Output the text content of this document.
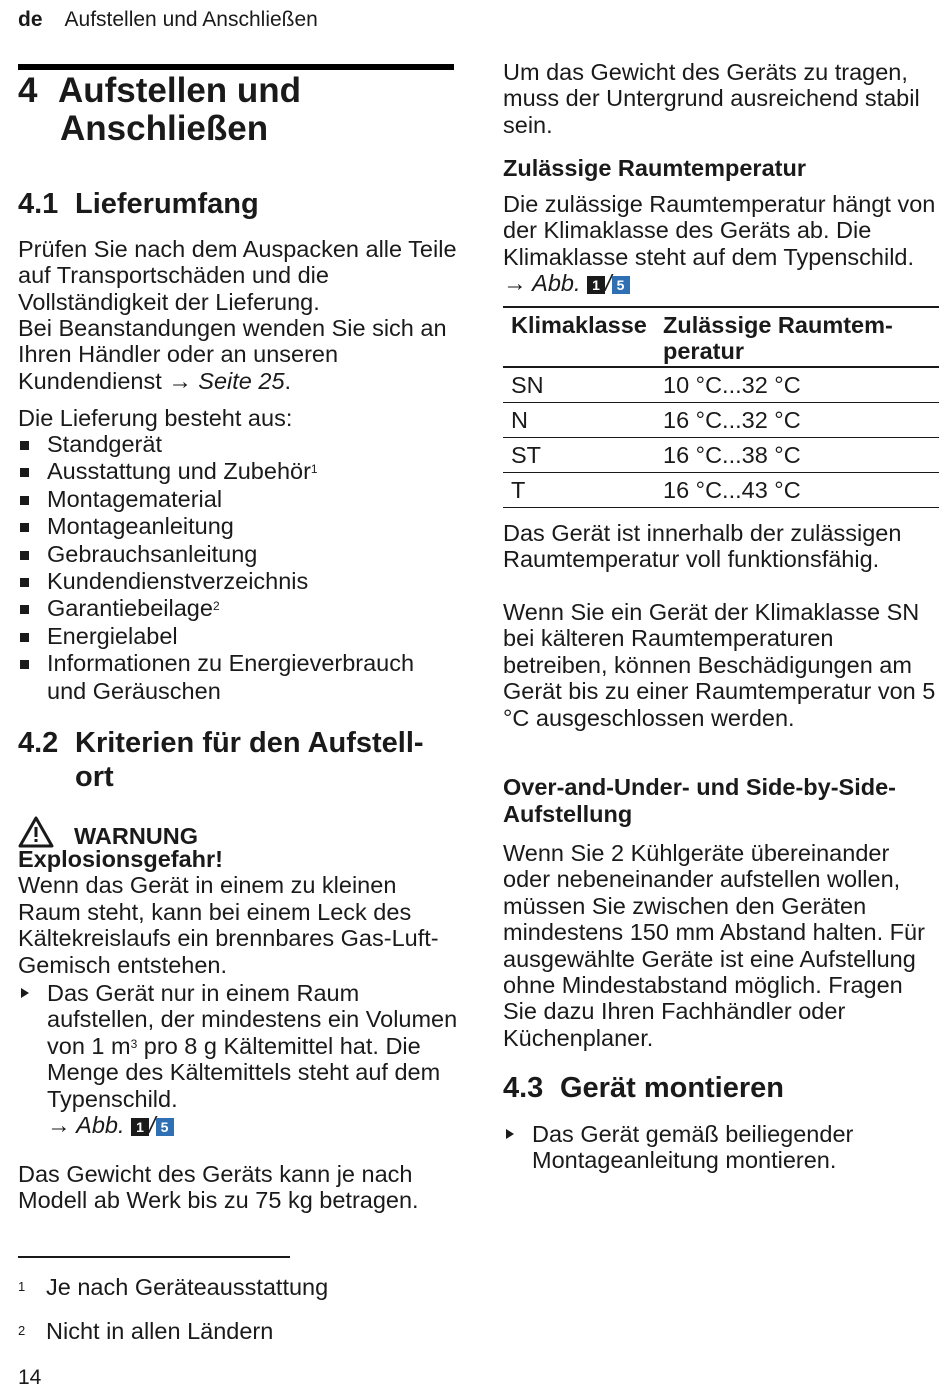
de Aufstellen und Anschließen
4 Aufstellen und
Anschließen
4.1 Lieferumfang
Prüfen Sie nach dem Auspacken alle Teile auf Transportschäden und die Vollständigkeit der Lieferung.
Bei Beanstandungen wenden Sie sich an Ihren Händler oder an unseren Kundendienst → Seite 25.
Die Lieferung besteht aus:
Standgerät
Ausstattung und Zubehör$^1$
Montagematerial
Montageanleitung
Gebrauchsanleitung
Kundendienstverzeichnis
Garantiebeilage$^2$
Energielabel
Informationen zu Energieverbrauch und Geräuschen
4.2 Kriterien für den Aufstell-
ort
WARNUNG
Explosionsgefahr!
Wenn das Gerät in einem zu kleinen Raum steht, kann bei einem Leck des Kältekreislaufs ein brennbares Gas-Luft-Gemisch entstehen.
Das Gerät nur in einem Raum aufstellen, der mindestens ein Volumen von 1 $m^3$ pro 8 g Kältemittel hat. Die Menge des Kältemittels steht auf dem Typenschild.
→ Abb. 1 / 5
Das Gewicht des Geräts kann je nach Modell ab Werk bis zu 75 kg betragen.
Um das Gewicht des Geräts zu tragen, muss der Untergrund ausreichend stabil sein.
Zulässige Raumtemperatur
Die zulässige Raumtemperatur hängt von der Klimaklasse des Geräts ab. Die Klimaklasse steht auf dem Typenschild. → Abb. 1 / 5
Klimaklasse	Zulässige Raumtemperatur
SN	10 °C...32 °C
N	16 °C...32 °C
ST	16 °C...38 °C
T	16 °C...43 °C
Das Gerät ist innerhalb der zulässigen Raumtemperatur voll funktionsfähig.
Wenn Sie ein Gerät der Klimaklasse SN bei kälteren Raumtemperaturen betreiben, können Beschädigungen am Gerät bis zu einer Raumtemperatur von 5 °C ausgeschlossen werden.
Over-and-Under- und Side-by-Side-Aufstellung
Wenn Sie 2 Kühlgeräte übereinander oder nebeneinander aufstellen wollen, müssen Sie zwischen den Geräten mindestens 150 mm Abstand halten. Für ausgewählte Geräte ist eine Aufstellung ohne Mindestabstand möglich. Fragen Sie dazu Ihren Fachhändler oder Küchenplaner.
4.3 Gerät montieren
Das Gerät gemäß beiliegender Montageanleitung montieren.
1 Je nach Geräteausstattung
2 Nicht in allen Ländern
14
